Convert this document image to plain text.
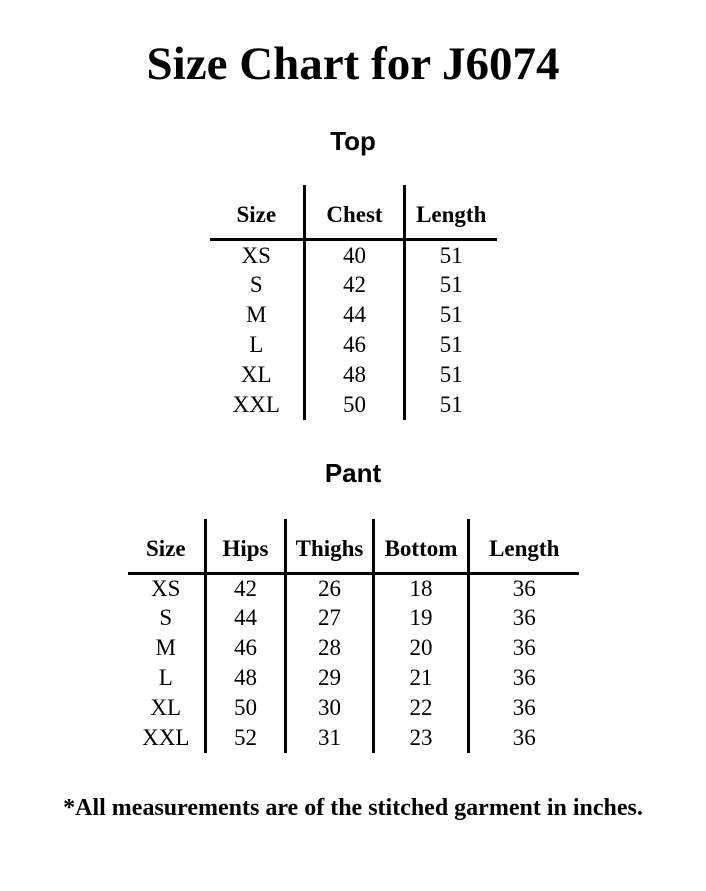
Size Chart for J6074
Top
Size	Chest	Length
XS	40	51
S	42	51
M	44	51
L	46	51
XL	48	51
XXL	50	51
Pant
Size	Hips	Thighs	Bottom	Length
XS	42	26	18	36
S	44	27	19	36
M	46	28	20	36
L	48	29	21	36
XL	50	30	22	36
XXL	52	31	23	36

*All measurements are of the stitched garment in inches.
